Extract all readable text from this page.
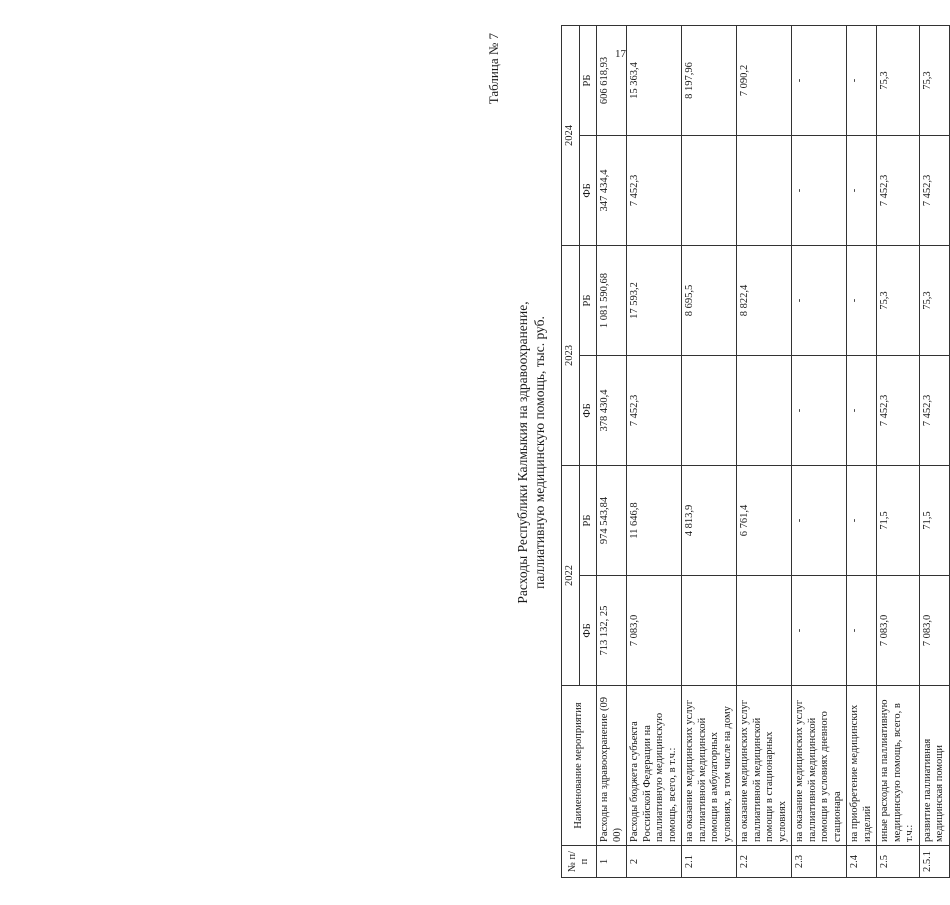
17
Таблица № 7
Расходы Республики Калмыкия на здравоохранение, паллиативную медицинскую помощь, тыс. руб.
№ п/п	Наименование мероприятия	2022		2023		2024	
		ФБ	РБ	ФБ	РБ	ФБ	РБ
1	Расходы на здравоохранение (09 00)	713 132, 25	974 543,84	378 430,4	1 081 590,68	347 434,4	606 618,93
2	Расходы бюджета субъекта Российской Федерации на паллиативную медицинскую помощь, всего, в т.ч.:	7 083,0	11 646,8	7 452,3	17 593,2	7 452,3	15 363,4
2.1	на оказание медицинских услуг паллиативной медицинской помощи в амбулаторных условиях, в том числе на дому		4 813,9		8 695,5		8 197,96
2.2	на оказание медицинских услуг паллиативной медицинской помощи в стационарных условиях		6 761,4		8 822,4		7 090,2
2.3	на оказание медицинских услуг паллиативной медицинской помощи в условиях дневного стационара	-	-	-	-	-	-
2.4	на приобретение медицинских изделий	-	-	-	-	-	-
2.5	иные расходы на паллиативную медицинскую помощь, всего, в т.ч.:	7 083,0	71,5	7 452,3	75,3	7 452,3	75,3
2.5.1	развитие паллиативная медицинская помощи	7 083,0	71,5	7 452,3	75,3	7 452,3	75,3
